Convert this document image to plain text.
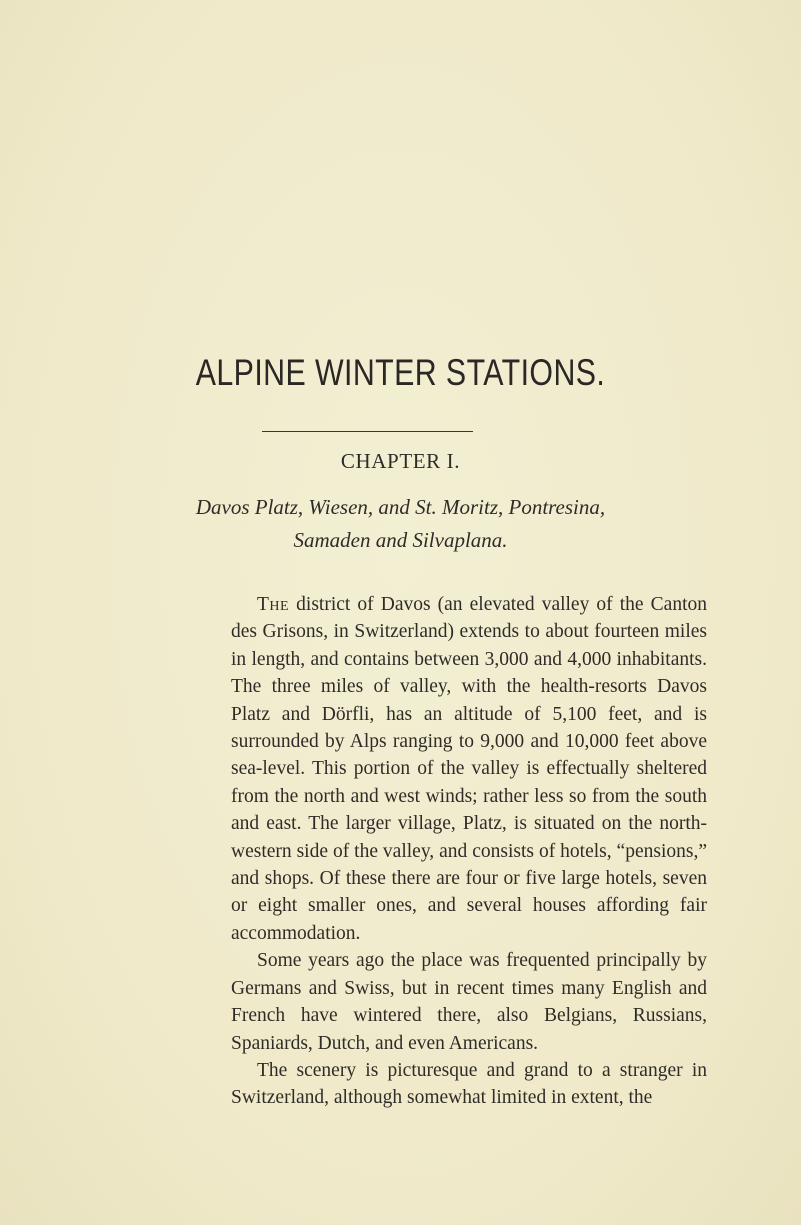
ALPINE WINTER STATIONS.
CHAPTER I.
Davos Platz, Wiesen, and St. Moritz, Pontresina,
Samaden and Silvaplana.

The district of Davos (an elevated valley of the Canton des Grisons, in Switzerland) extends to about fourteen miles in length, and contains between 3,000 and 4,000 inhabitants. The three miles of valley, with the health-resorts Davos Platz and Dörfli, has an altitude of 5,100 feet, and is surrounded by Alps ranging to 9,000 and 10,000 feet above sea-level. This portion of the valley is effectually sheltered from the north and west winds; rather less so from the south and east. The larger village, Platz, is situated on the north-western side of the valley, and consists of hotels, “pensions,” and shops. Of these there are four or five large hotels, seven or eight smaller ones, and several houses affording fair accommodation.

Some years ago the place was frequented principally by Germans and Swiss, but in recent times many English and French have wintered there, also Belgians, Russians, Spaniards, Dutch, and even Americans.

The scenery is picturesque and grand to a stranger in Switzerland, although somewhat limited in extent, the
